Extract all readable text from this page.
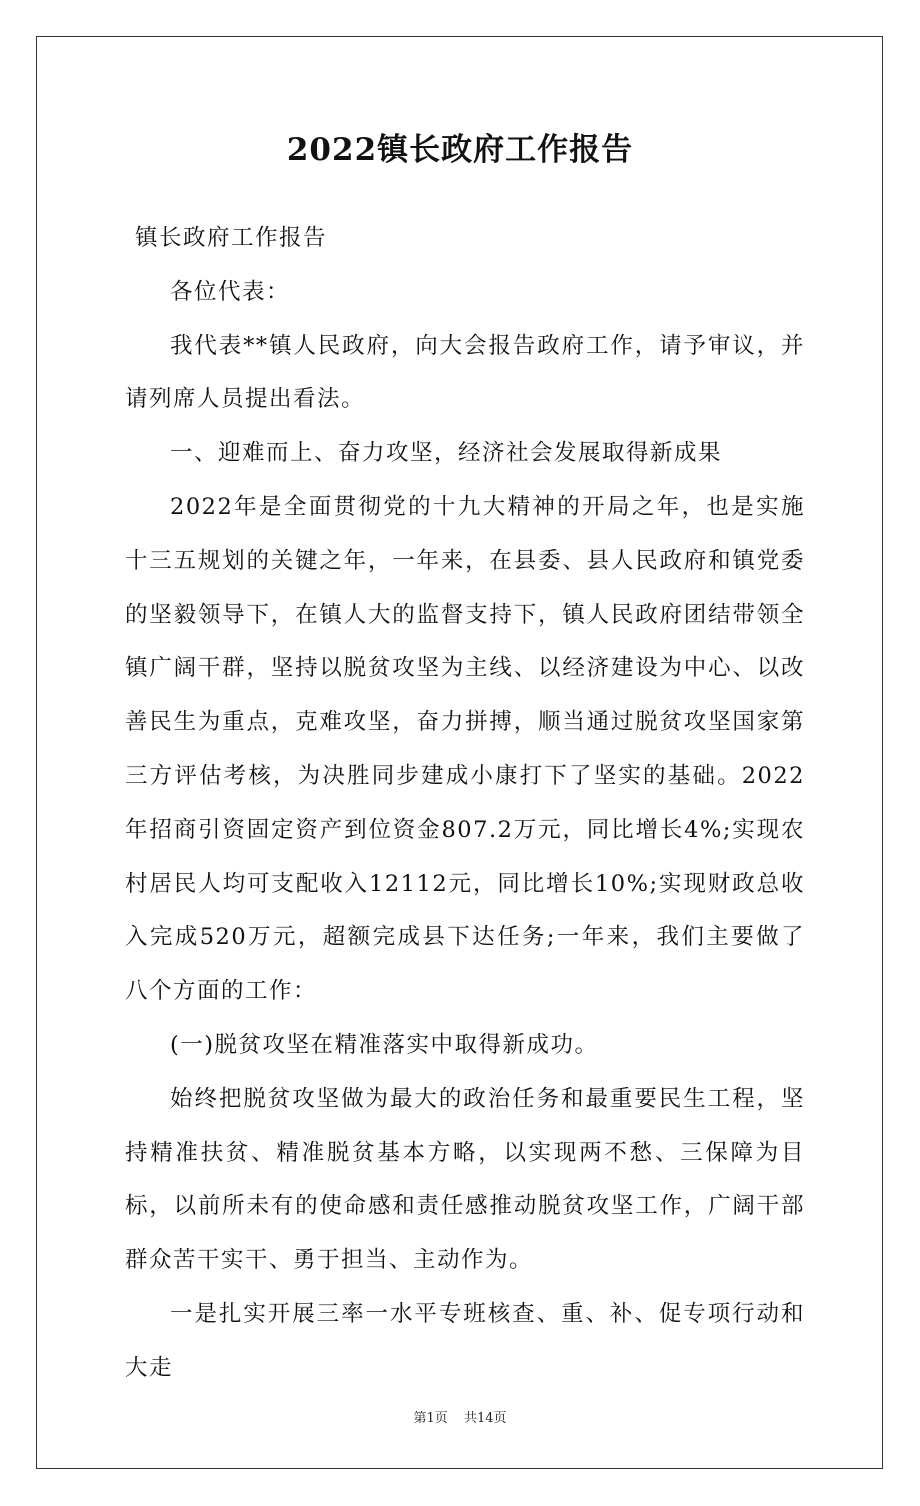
2022镇长政府工作报告

镇长政府工作报告

各位代表：

我代表**镇人民政府，向大会报告政府工作，请予审议，并请列席人员提出看法。

一、迎难而上、奋力攻坚，经济社会发展取得新成果

2022年是全面贯彻党的十九大精神的开局之年，也是实施十三五规划的关键之年，一年来，在县委、县人民政府和镇党委的坚毅领导下，在镇人大的监督支持下，镇人民政府团结带领全镇广阔干群，坚持以脱贫攻坚为主线、以经济建设为中心、以改善民生为重点，克难攻坚，奋力拼搏，顺当通过脱贫攻坚国家第三方评估考核，为决胜同步建成小康打下了坚实的基础。2022年招商引资固定资产到位资金807.2万元，同比增长4%;实现农村居民人均可支配收入12112元，同比增长10%;实现财政总收入完成520万元，超额完成县下达任务;一年来，我们主要做了八个方面的工作：

(一)脱贫攻坚在精准落实中取得新成功。

始终把脱贫攻坚做为最大的政治任务和最重要民生工程，坚持精准扶贫、精准脱贫基本方略，以实现两不愁、三保障为目标，以前所未有的使命感和责任感推动脱贫攻坚工作，广阔干部群众苦干实干、勇于担当、主动作为。

一是扎实开展三率一水平专班核查、重、补、促专项行动和大走

第1页 共14页
